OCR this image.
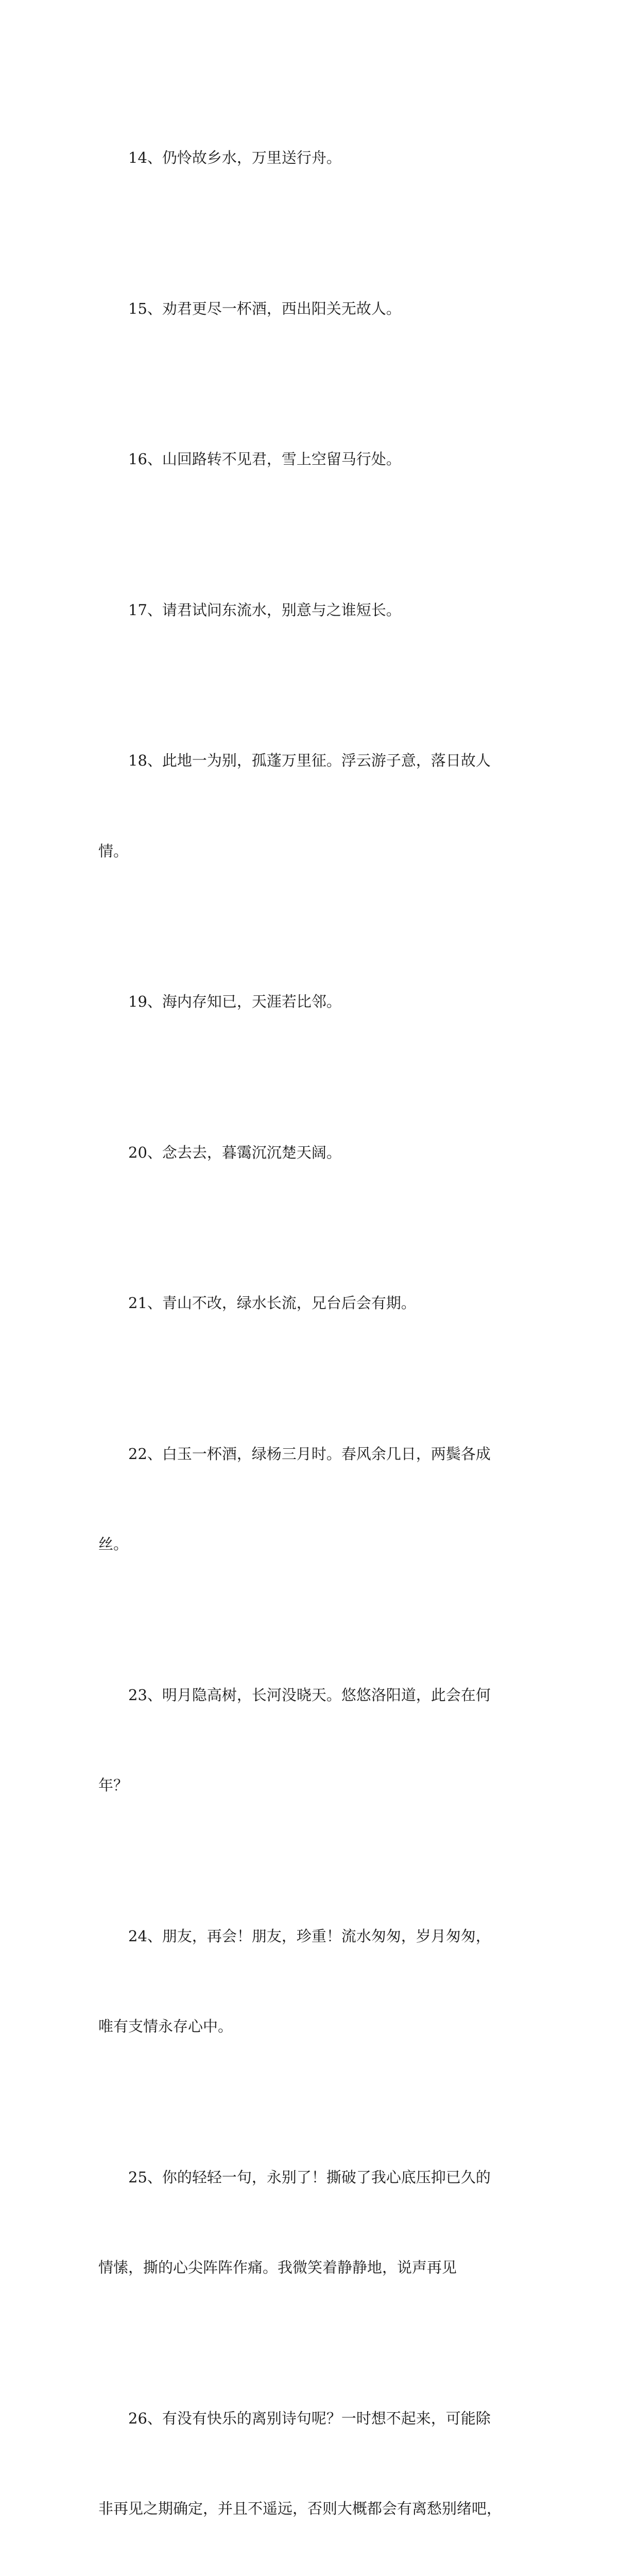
14、仍怜故乡水，万里送行舟。

15、劝君更尽一杯酒，西出阳关无故人。

16、山回路转不见君，雪上空留马行处。

17、请君试问东流水，别意与之谁短长。

18、此地一为别，孤蓬万里征。浮云游子意，落日故人

情。

19、海内存知已，天涯若比邻。

20、念去去，暮霭沉沉楚天阔。

21、青山不改，绿水长流，兄台后会有期。

22、白玉一杯酒，绿杨三月时。春风余几日，两鬓各成

丝。

23、明月隐高树，长河没晓天。悠悠洛阳道，此会在何

年？

24、朋友，再会！朋友，珍重！流水匆匆，岁月匆匆，

唯有支情永存心中。

25、你的轻轻一句，永别了！撕破了我心底压抑已久的

情愫，撕的心尖阵阵作痛。我微笑着静静地，说声再见

26、有没有快乐的离别诗句呢？一时想不起来，可能除

非再见之期确定，并且不遥远，否则大概都会有离愁别绪吧，
